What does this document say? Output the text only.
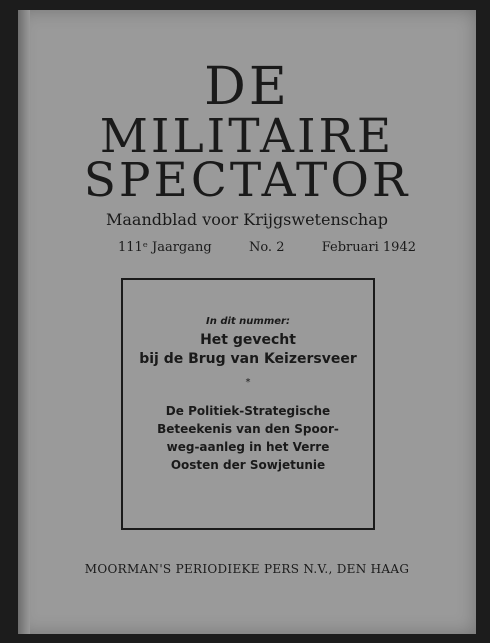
DE
MILITAIRE
SPECTATOR
Maandblad voor Krijgswetenschap
111ᵉ Jaargang	No. 2	Februari 1942
In dit nummer:
Het gevecht
bij de Brug van Keizersveer
*
De Politiek-Strategische
Beteekenis van den Spoor-
weg-aanleg in het Verre
Oosten der Sowjetunie
MOORMAN'S PERIODIEKE PERS N.V., DEN HAAG
